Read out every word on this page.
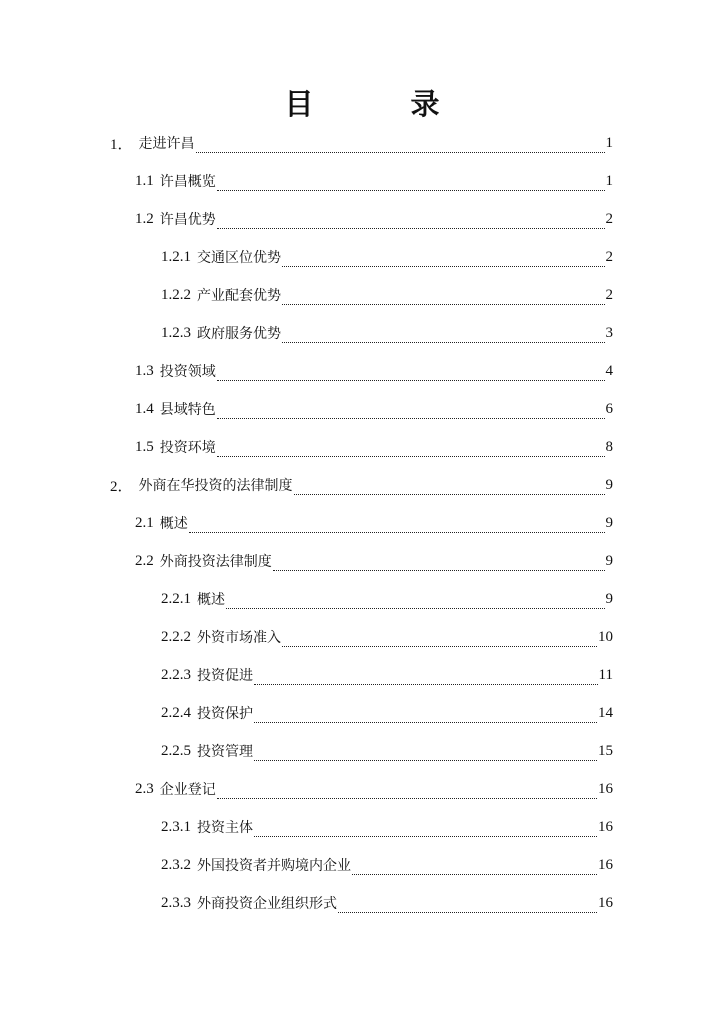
目　录
1． 走进许昌	1
1.1 许昌概览	1
1.2 许昌优势	2
1.2.1 交通区位优势	2
1.2.2 产业配套优势	2
1.2.3 政府服务优势	3
1.3 投资领域	4
1.4 县域特色	6
1.5 投资环境	8
2． 外商在华投资的法律制度	9
2.1 概述	9
2.2 外商投资法律制度	9
2.2.1 概述	9
2.2.2 外资市场准入	10
2.2.3 投资促进	11
2.2.4 投资保护	14
2.2.5 投资管理	15
2.3 企业登记	16
2.3.1 投资主体	16
2.3.2 外国投资者并购境内企业	16
2.3.3 外商投资企业组织形式	16
